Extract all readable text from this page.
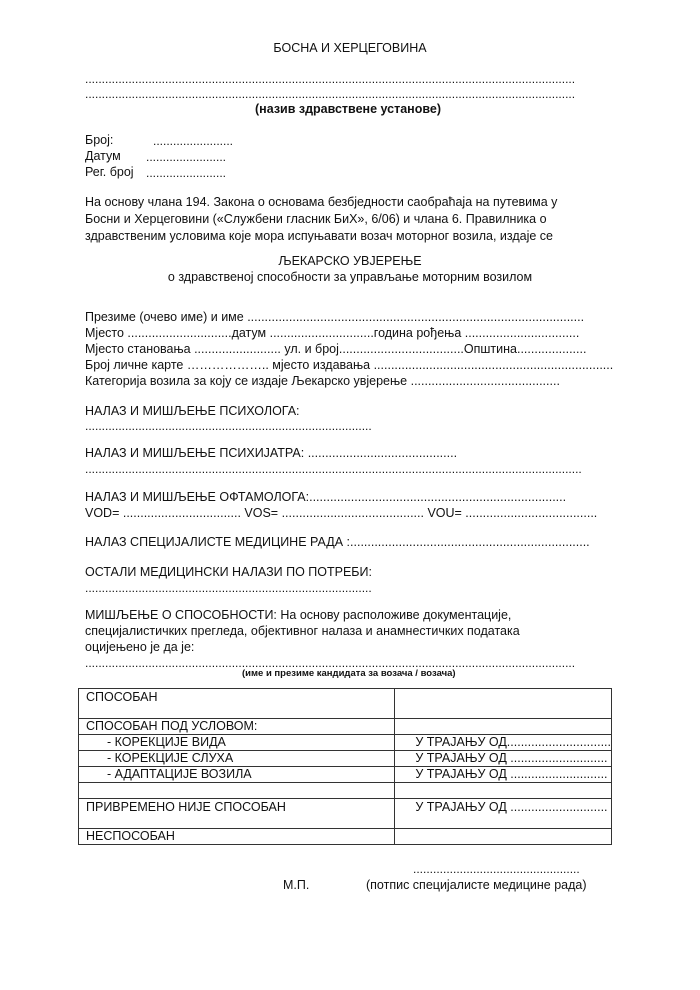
БОСНА И ХЕРЦЕГОВИНА
...................................................................................................................................................
...................................................................................................................................................
(назив здравствене установе)
Број:	........................
Датум ........................
Рег. број ........................
На основу члана 194. Закона о основама безбједности саобраћаја на путевима у
Босни и Херцеговини («Службени гласник БиХ», 6/06) и члана 6. Правилника о
здравственим условима које мора испуњавати возач моторног возила, издаје се
ЉЕКАРСКО УВЈЕРЕЊЕ
о здравственој способности за управљање моторним возилом
Презиме (очево име) и име .................................................................................................
Мјесто ..............................датум ..............................година рођења .................................
Мјесто становања ......................... ул. и број....................................Општина....................
Број личне карте ……………….. мјесто издавања .....................................................................
Категорија возила за коју се издаје Љекарско увјерење ...........................................
НАЛАЗ И МИШЉЕЊЕ ПСИХОЛОГА:
......................................................................................
НАЛАЗ И МИШЉЕЊЕ ПСИХИЈАТРА: ...........................................
.....................................................................................................................................................
НАЛАЗ И МИШЉЕЊЕ ОФТАМОЛОГА:..........................................................................
VOD= .................................. VOS= ......................................... VOU= ......................................
НАЛАЗ СПЕЦИЈАЛИСТЕ МЕДИЦИНЕ РАДА :.....................................................................
ОСТАЛИ МЕДИЦИНСКИ НАЛАЗИ ПО ПОТРЕБИ:
......................................................................................
МИШЉЕЊЕ О СПОСОБНОСТИ: На основу расположиве документације,
специјалистичких прегледа, објективног налаза и анамнестичких података
оцијењено је да је:
...................................................................................................................................................
(име и презиме кандидата за возача / возача)
СПОСОБАН	
СПОСОБАН ПОД УСЛОВОМ:	
- КОРЕКЦИЈЕ ВИДА	У ТРАЈАЊУ ОД..............................
- КОРЕКЦИЈЕ СЛУХА	У ТРАЈАЊУ ОД ............................
- АДАПТАЦИЈЕ ВОЗИЛА	У ТРАЈАЊУ ОД ............................

ПРИВРЕМЕНО НИЈЕ СПОСОБАН	У ТРАЈАЊУ ОД ............................
НЕСПОСОБАН	
..................................................
М.П.	(потпис специјалисте медицине рада)
